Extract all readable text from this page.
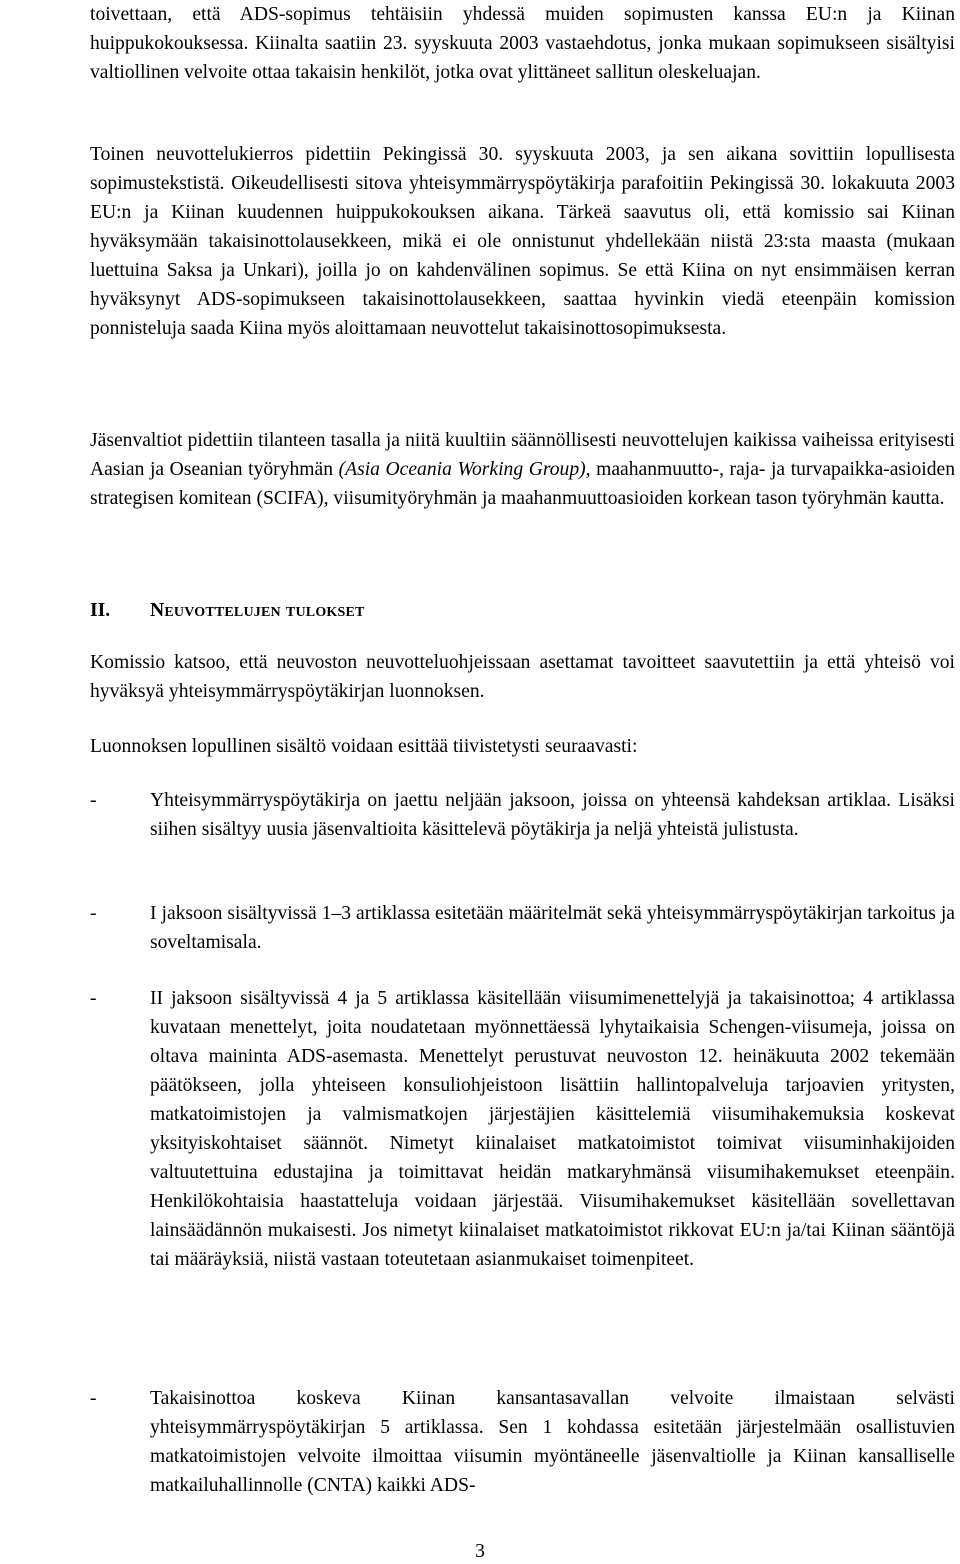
toivettaan, että ADS-sopimus tehtäisiin yhdessä muiden sopimusten kanssa EU:n ja Kiinan huippukokouksessa. Kiinalta saatiin 23. syyskuuta 2003 vastaehdotus, jonka mukaan sopimukseen sisältyisi valtiollinen velvoite ottaa takaisin henkilöt, jotka ovat ylittäneet sallitun oleskeluajan.

Toinen neuvottelukierros pidettiin Pekingissä 30. syyskuuta 2003, ja sen aikana sovittiin lopullisesta sopimustekstistä. Oikeudellisesti sitova yhteisymmärryspöytäkirja parafoitiin Pekingissä 30. lokakuuta 2003 EU:n ja Kiinan kuudennen huippukokouksen aikana. Tärkeä saavutus oli, että komissio sai Kiinan hyväksymään takaisinottolausekkeen, mikä ei ole onnistunut yhdellekään niistä 23:sta maasta (mukaan luettuina Saksa ja Unkari), joilla jo on kahdenvälinen sopimus. Se että Kiina on nyt ensimmäisen kerran hyväksynyt ADS-sopimukseen takaisinottolausekkeen, saattaa hyvinkin viedä eteenpäin komission ponnisteluja saada Kiina myös aloittamaan neuvottelut takaisinottosopimuksesta.

Jäsenvaltiot pidettiin tilanteen tasalla ja niitä kuultiin säännöllisesti neuvottelujen kaikissa vaiheissa erityisesti Aasian ja Oseanian työryhmän (Asia Oceania Working Group), maahanmuutto-, raja- ja turvapaikka-asioiden strategisen komitean (SCIFA), viisumityöryhmän ja maahanmuuttoasioiden korkean tason työryhmän kautta.

II. Neuvottelujen tulokset

Komissio katsoo, että neuvoston neuvotteluohjeissaan asettamat tavoitteet saavutettiin ja että yhteisö voi hyväksyä yhteisymmärryspöytäkirjan luonnoksen.

Luonnoksen lopullinen sisältö voidaan esittää tiivistetysti seuraavasti:

-	Yhteisymmärryspöytäkirja on jaettu neljään jaksoon, joissa on yhteensä kahdeksan artiklaa. Lisäksi siihen sisältyy uusia jäsenvaltioita käsittelevä pöytäkirja ja neljä yhteistä julistusta.

-	I jaksoon sisältyvissä 1–3 artiklassa esitetään määritelmät sekä yhteisymmärryspöytäkirjan tarkoitus ja soveltamisala.

-	II jaksoon sisältyvissä 4 ja 5 artiklassa käsitellään viisumimenettelyjä ja takaisinottoa; 4 artiklassa kuvataan menettelyt, joita noudatetaan myönnettäessä lyhytaikaisia Schengen-viisumeja, joissa on oltava maininta ADS-asemasta. Menettelyt perustuvat neuvoston 12. heinäkuuta 2002 tekemään päätökseen, jolla yhteiseen konsuliohjeistoon lisättiin hallintopalveluja tarjoavien yritysten, matkatoimistojen ja valmismatkojen järjestäjien käsittelemiä viisumihakemuksia koskevat yksityiskohtaiset säännöt. Nimetyt kiinalaiset matkatoimistot toimivat viisuminhakijoiden valtuutettuina edustajina ja toimittavat heidän matkaryhmänsä viisumihakemukset eteenpäin. Henkilökohtaisia haastatteluja voidaan järjestää. Viisumihakemukset käsitellään sovellettavan lainsäädännön mukaisesti. Jos nimetyt kiinalaiset matkatoimistot rikkovat EU:n ja/tai Kiinan sääntöjä tai määräyksiä, niistä vastaan toteutetaan asianmukaiset toimenpiteet.

-	Takaisinottoa koskeva Kiinan kansantasavallan velvoite ilmaistaan selvästi yhteisymmärryspöytäkirjan 5 artiklassa. Sen 1 kohdassa esitetään järjestelmään osallistuvien matkatoimistojen velvoite ilmoittaa viisumin myöntäneelle jäsenvaltiolle ja Kiinan kansalliselle matkailuhallinnolle (CNTA) kaikki ADS-

3
